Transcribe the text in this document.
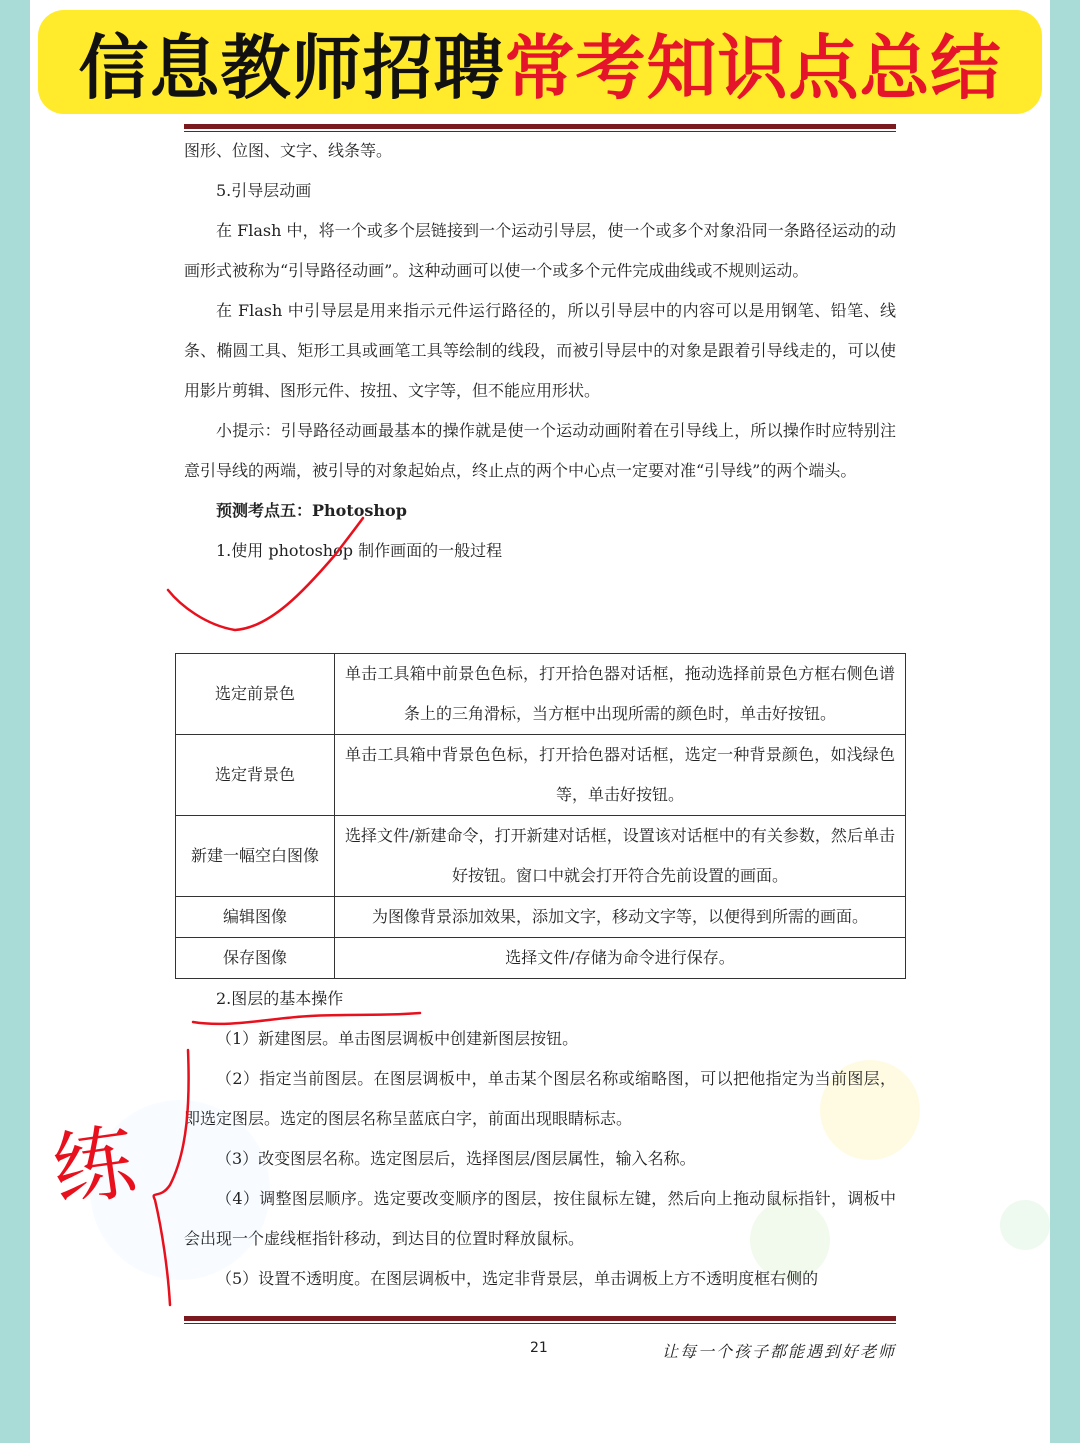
信息教师招聘 常考知识点总结

图形、位图、文字、线条等。

5.引导层动画

在 Flash 中，将一个或多个层链接到一个运动引导层，使一个或多个对象沿同一条路径运动的动画形式被称为“引导路径动画”。这种动画可以使一个或多个元件完成曲线或不规则运动。

在 Flash 中引导层是用来指示元件运行路径的，所以引导层中的内容可以是用钢笔、铅笔、线条、椭圆工具、矩形工具或画笔工具等绘制的线段，而被引导层中的对象是跟着引导线走的，可以使用影片剪辑、图形元件、按扭、文字等，但不能应用形状。

小提示：引导路径动画最基本的操作就是使一个运动动画附着在引导线上，所以操作时应特别注意引导线的两端，被引导的对象起始点，终止点的两个中心点一定要对准“引导线”的两个端头。

预测考点五：Photoshop

1.使用 photoshop 制作画面的一般过程

选定前景色	单击工具箱中前景色色标，打开拾色器对话框，拖动选择前景色方框右侧色谱条上的三角滑标，当方框中出现所需的颜色时，单击好按钮。
选定背景色	单击工具箱中背景色色标，打开拾色器对话框，选定一种背景颜色，如浅绿色等，单击好按钮。
新建一幅空白图像	选择文件/新建命令，打开新建对话框，设置该对话框中的有关参数，然后单击好按钮。窗口中就会打开符合先前设置的画面。
编辑图像	为图像背景添加效果，添加文字，移动文字等，以便得到所需的画面。
保存图像	选择文件/存储为命令进行保存。

2.图层的基本操作

（1）新建图层。单击图层调板中创建新图层按钮。

（2）指定当前图层。在图层调板中，单击某个图层名称或缩略图，可以把他指定为当前图层，即选定图层。选定的图层名称呈蓝底白字，前面出现眼睛标志。

（3）改变图层名称。选定图层后，选择图层/图层属性，输入名称。

（4）调整图层顺序。选定要改变顺序的图层，按住鼠标左键，然后向上拖动鼠标指针，调板中会出现一个虚线框指针移动，到达目的位置时释放鼠标。

（5）设置不透明度。在图层调板中，选定非背景层，单击调板上方不透明度框右侧的

21	让每一个孩子都能遇到好老师
练
